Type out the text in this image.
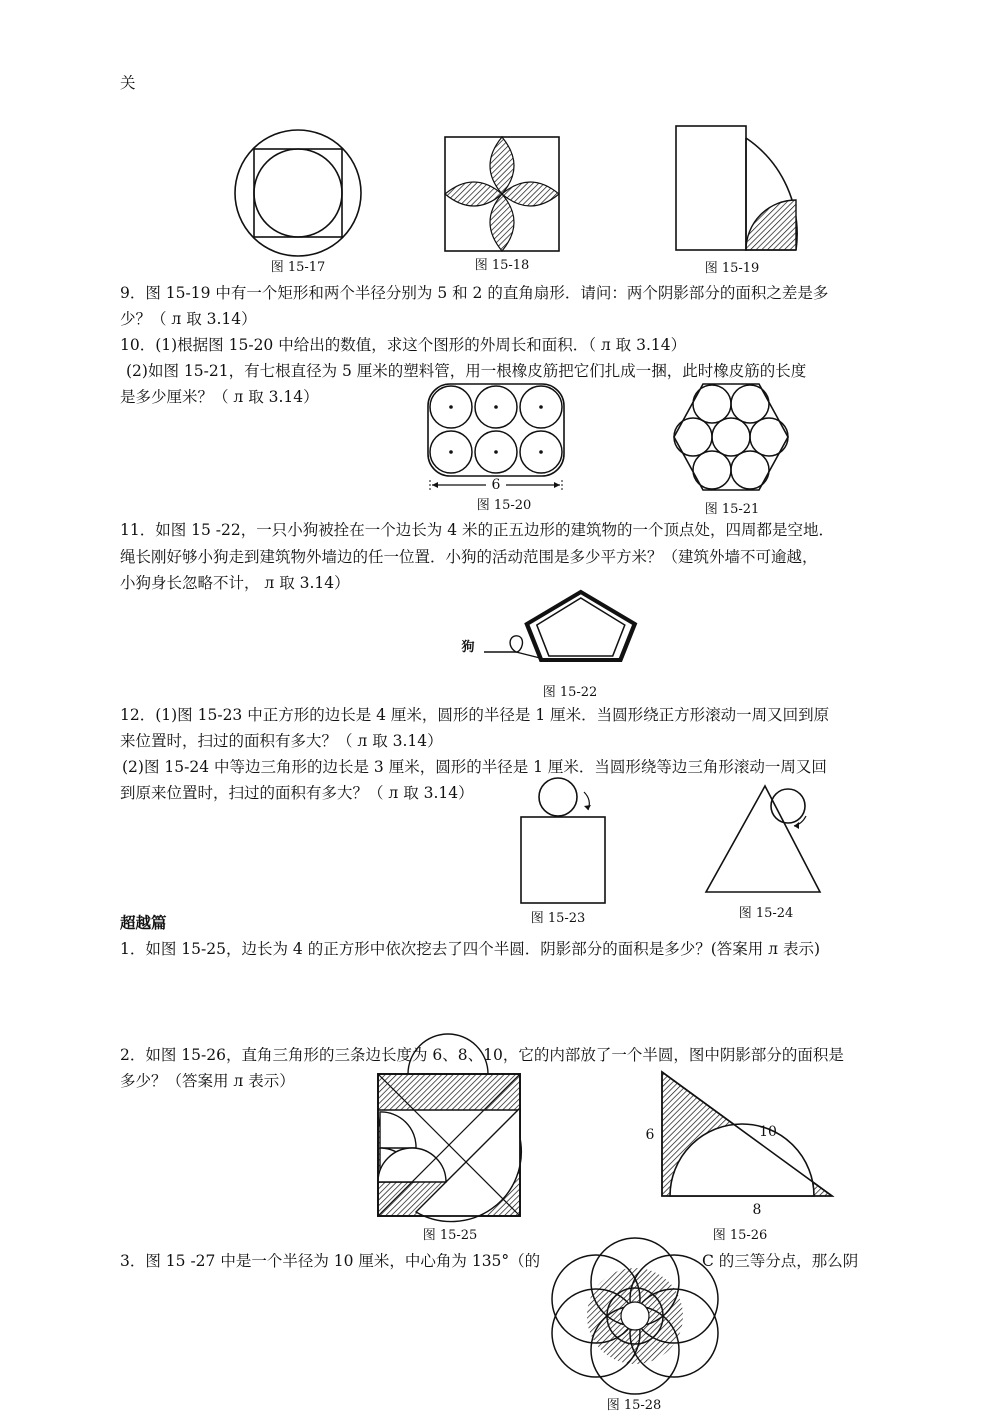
关
图 15-17	图 15-18	图 15-19
9．图 15-19 中有一个矩形和两个半径分别为 5 和 2 的直角扇形．请问：两个阴影部分的面积之差是多
少？（ л 取 3.14）
10．(1)根据图 15-20 中给出的数值，求这个图形的外周长和面积．（ л 取 3.14）
(2)如图 15-21，有七根直径为 5 厘米的塑料管，用一根橡皮筋把它们扎成一捆，此时橡皮筋的长度
是多少厘米？（ л 取 3.14）
6
图 15-20	图 15-21
11．如图 15 -22，一只小狗被拴在一个边长为 4 米的正五边形的建筑物的一个顶点处，四周都是空地．
绳长刚好够小狗走到建筑物外墙边的任一位置．小狗的活动范围是多少平方米？（建筑外墙不可逾越，
小狗身长忽略不计， л 取 3.14）
狗
图 15-22
12．(1)图 15-23 中正方形的边长是 4 厘米，圆形的半径是 1 厘米．当圆形绕正方形滚动一周又回到原
来位置时，扫过的面积有多大？（ л 取 3.14）
(2)图 15-24 中等边三角形的边长是 3 厘米，圆形的半径是 1 厘米．当圆形绕等边三角形滚动一周又回
到原来位置时，扫过的面积有多大？（ л 取 3.14）
图 15-23	图 15-24
超越篇
1．如图 15-25，边长为 4 的正方形中依次挖去了四个半圆．阴影部分的面积是多少？(答案用 л 表示)
2．如图 15-26，直角三角形的三条边长度为 6、8、10，它的内部放了一个半圆，图中阴影部分的面积是
多少？（答案用 л 表示）
图 15-25
6	10
8
图 15-26
3．图 15 -27 中是一个半径为 10 厘米，中心角为 135°（的	C 的三等分点，那么阴
图 15-28
